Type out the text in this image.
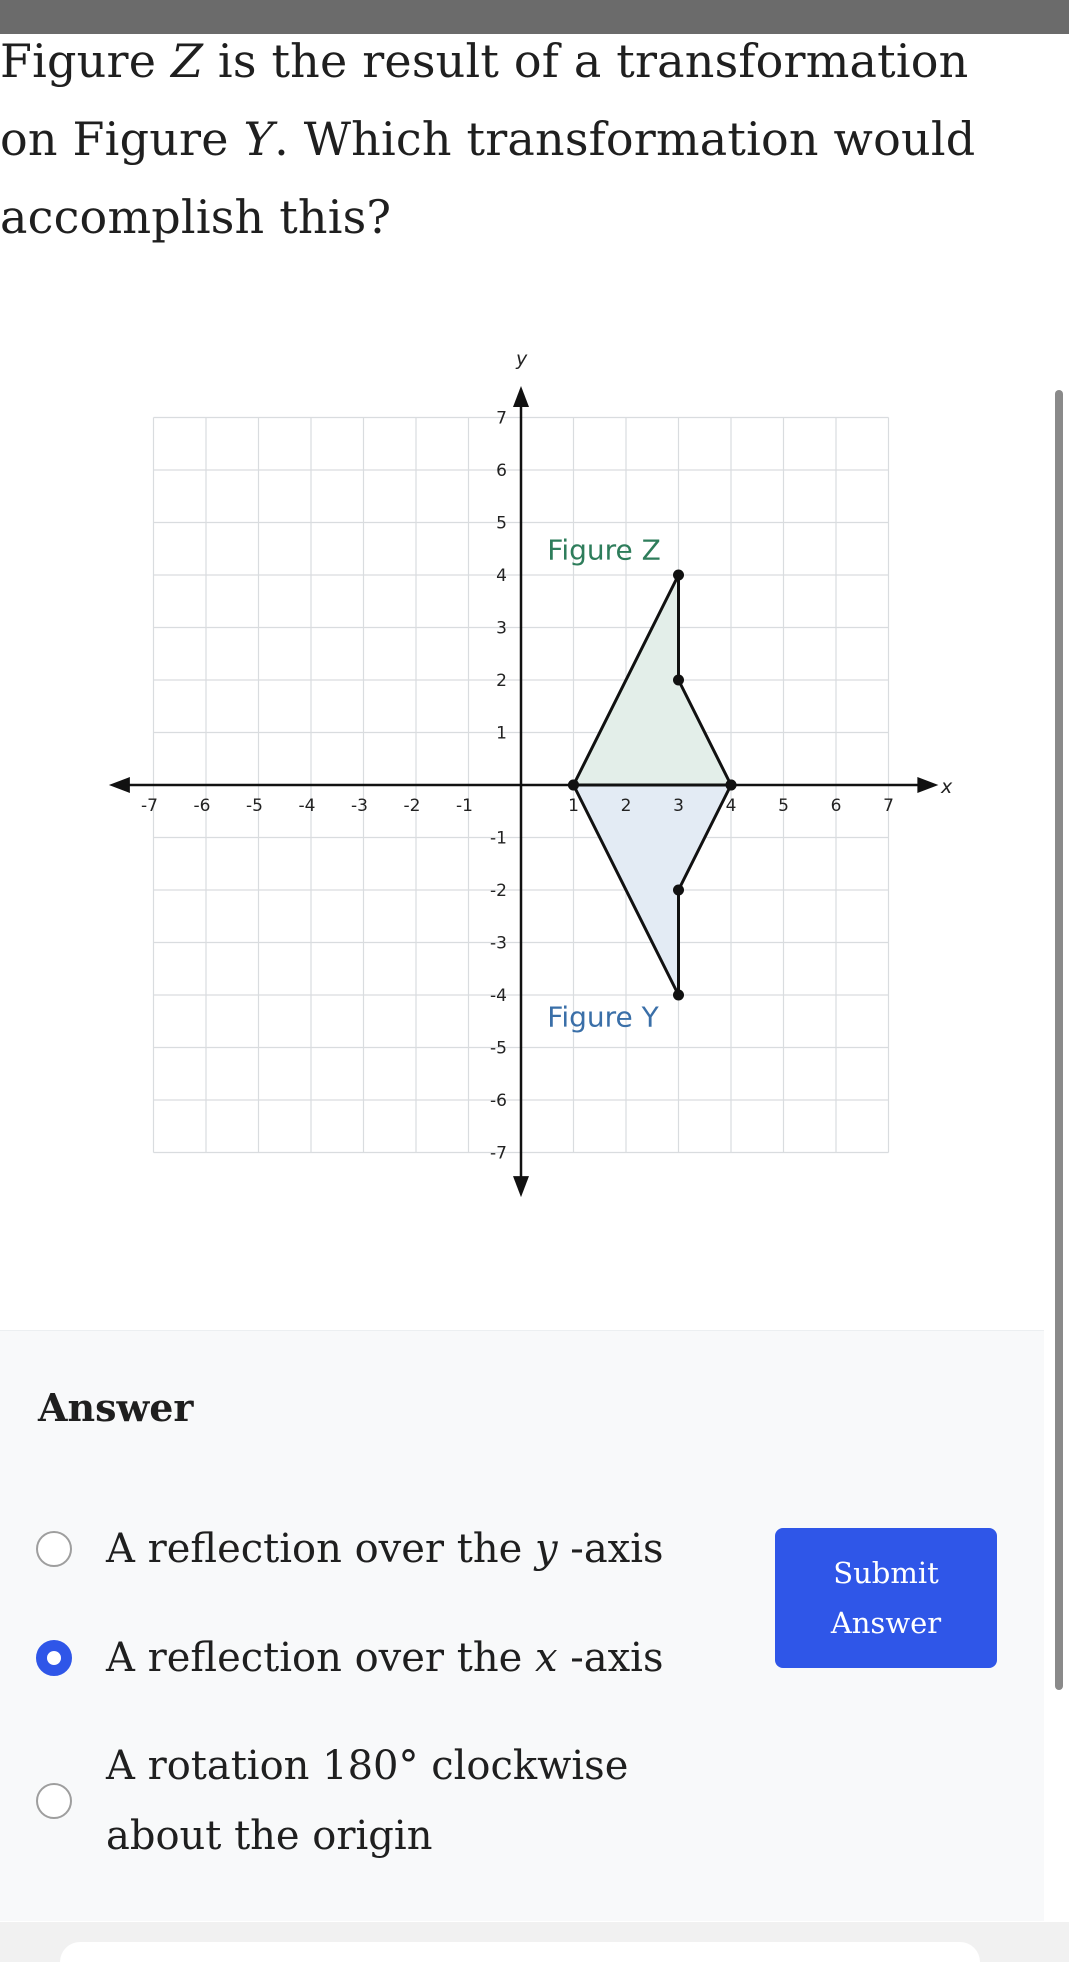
Figure Z is the result of a transformation on Figure Y. Which transformation would accomplish this?
x
y
Figure Z
Figure Y
-7 -6 -5 -4 -3 -2 -1	1 2 3 4 5 6 7
7
6
5
4
3
2
1
-1
-2
-3
-4
-5
-6
-7
Answer
A reflection over the y -axis
A reflection over the x -axis
A rotation 180° clockwise
about the origin
Submit
Answer
